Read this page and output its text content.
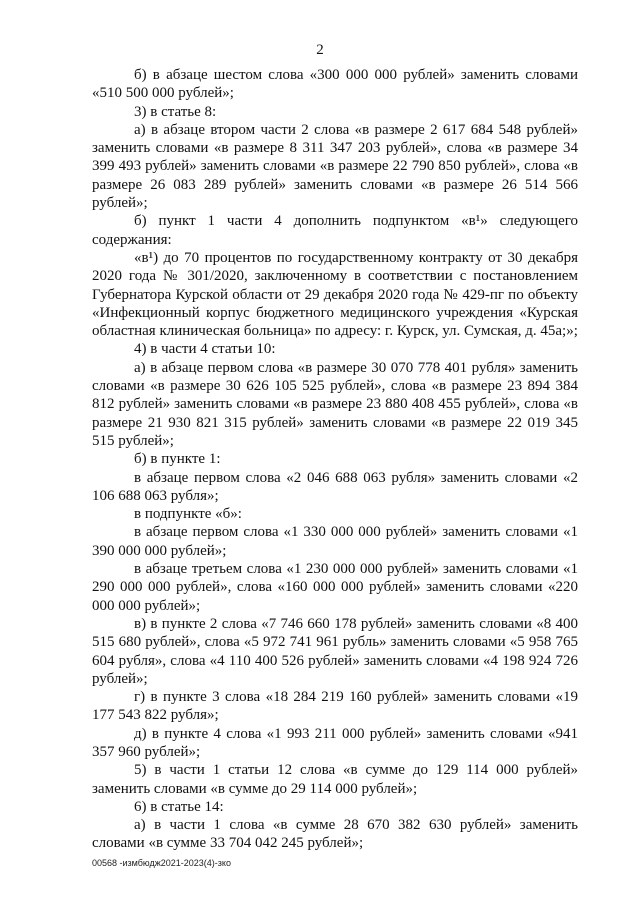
2

б) в абзаце шестом слова «300 000 000 рублей» заменить словами «510 500 000 рублей»;

3) в статье 8:

а) в абзаце втором части 2 слова «в размере 2 617 684 548 рублей» заменить словами «в размере 8 311 347 203 рублей», слова «в размере 34 399 493 рублей» заменить словами «в размере 22 790 850 рублей», слова «в размере 26 083 289 рублей» заменить словами «в размере 26 514 566 рублей»;

б) пункт 1 части 4 дополнить подпунктом «в¹» следующего содержания:

«в¹) до 70 процентов по государственному контракту от 30 декабря 2020 года № 301/2020, заключенному в соответствии с постановлением Губернатора Курской области от 29 декабря 2020 года № 429-пг по объекту «Инфекционный корпус бюджетного медицинского учреждения «Курская областная клиническая больница» по адресу: г. Курск, ул. Сумская, д. 45а;»;

4) в части 4 статьи 10:

а) в абзаце первом слова «в размере 30 070 778 401 рубля» заменить словами «в размере 30 626 105 525 рублей», слова «в размере 23 894 384 812 рублей» заменить словами «в размере 23 880 408 455 рублей», слова «в размере 21 930 821 315 рублей» заменить словами «в размере 22 019 345 515 рублей»;

б) в пункте 1:

в абзаце первом слова «2 046 688 063 рубля» заменить словами «2 106 688 063 рубля»;

в подпункте «б»:

в абзаце первом слова «1 330 000 000 рублей» заменить словами «1 390 000 000 рублей»;

в абзаце третьем слова «1 230 000 000 рублей» заменить словами «1 290 000 000 рублей», слова «160 000 000 рублей» заменить словами «220 000 000 рублей»;

в) в пункте 2 слова «7 746 660 178 рублей» заменить словами «8 400 515 680 рублей», слова «5 972 741 961 рубль» заменить словами «5 958 765 604 рубля», слова «4 110 400 526 рублей» заменить словами «4 198 924 726 рублей»;

г) в пункте 3 слова «18 284 219 160 рублей» заменить словами «19 177 543 822 рубля»;

д) в пункте 4 слова «1 993 211 000 рублей» заменить словами «941 357 960 рублей»;

5) в части 1 статьи 12 слова «в сумме до 129 114 000 рублей» заменить словами «в сумме до 29 114 000 рублей»;

6) в статье 14:

а) в части 1 слова «в сумме 28 670 382 630 рублей» заменить словами «в сумме 33 704 042 245 рублей»;

00568 -измбюдж2021-2023(4)-зко
